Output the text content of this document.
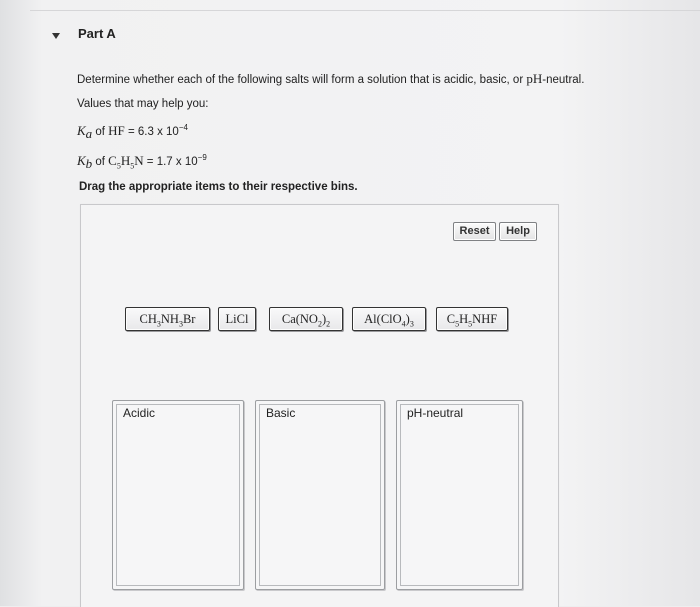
Part A
Determine whether each of the following salts will form a solution that is acidic, basic, or pH-neutral.
Values that may help you:
$K_a$ of HF = 6.3 x $10^{-4}$
$K_b$ of $C_5H_5N = 1.7$ x $10^{-9}$
Drag the appropriate items to their respective bins.
Reset	Help
$CH_3NH_3Br$	LiCl	$Ca(NO_2)_2$	$Al(ClO_4)_3$	$C_5H_5NHF$
Acidic	Basic	pH-neutral
